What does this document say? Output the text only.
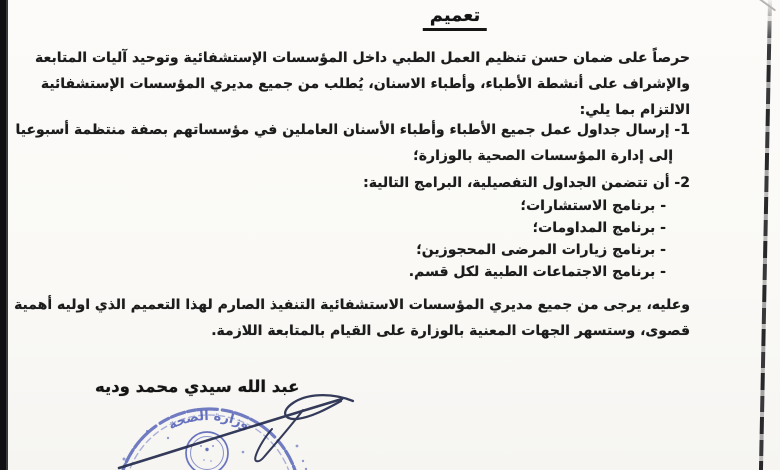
تعميم
حرصاً على ضمان حسن تنظيم العمل الطبي داخل المؤسسات الإستشفائية وتوحيد آليات المتابعة
والإشراف على أنشطة الأطباء، وأطباء الاسنان، يُطلب من جميع مديري المؤسسات الإستشفائية
الالتزام بما يلي:
1- إرسال جداول عمل جميع الأطباء وأطباء الأسنان العاملين في مؤسساتهم بصفة منتظمة أسبوعيا
إلى إدارة المؤسسات الصحية بالوزارة؛
2- أن تتضمن الجداول التفصيلية، البرامج التالية:
- برنامج الاستشارات؛
- برنامج المداومات؛
- برنامج زيارات المرضى المحجوزين؛
- برنامج الاجتماعات الطبية لكل قسم.
وعليه، يرجى من جميع مديري المؤسسات الاستشفائية التنفيذ الصارم لهذا التعميم الذي اوليه أهمية
قصوى، وستسهر الجهات المعنية بالوزارة على القيام بالمتابعة اللازمة.
عبد الله سيدي محمد وديه
وزارة الصحة
